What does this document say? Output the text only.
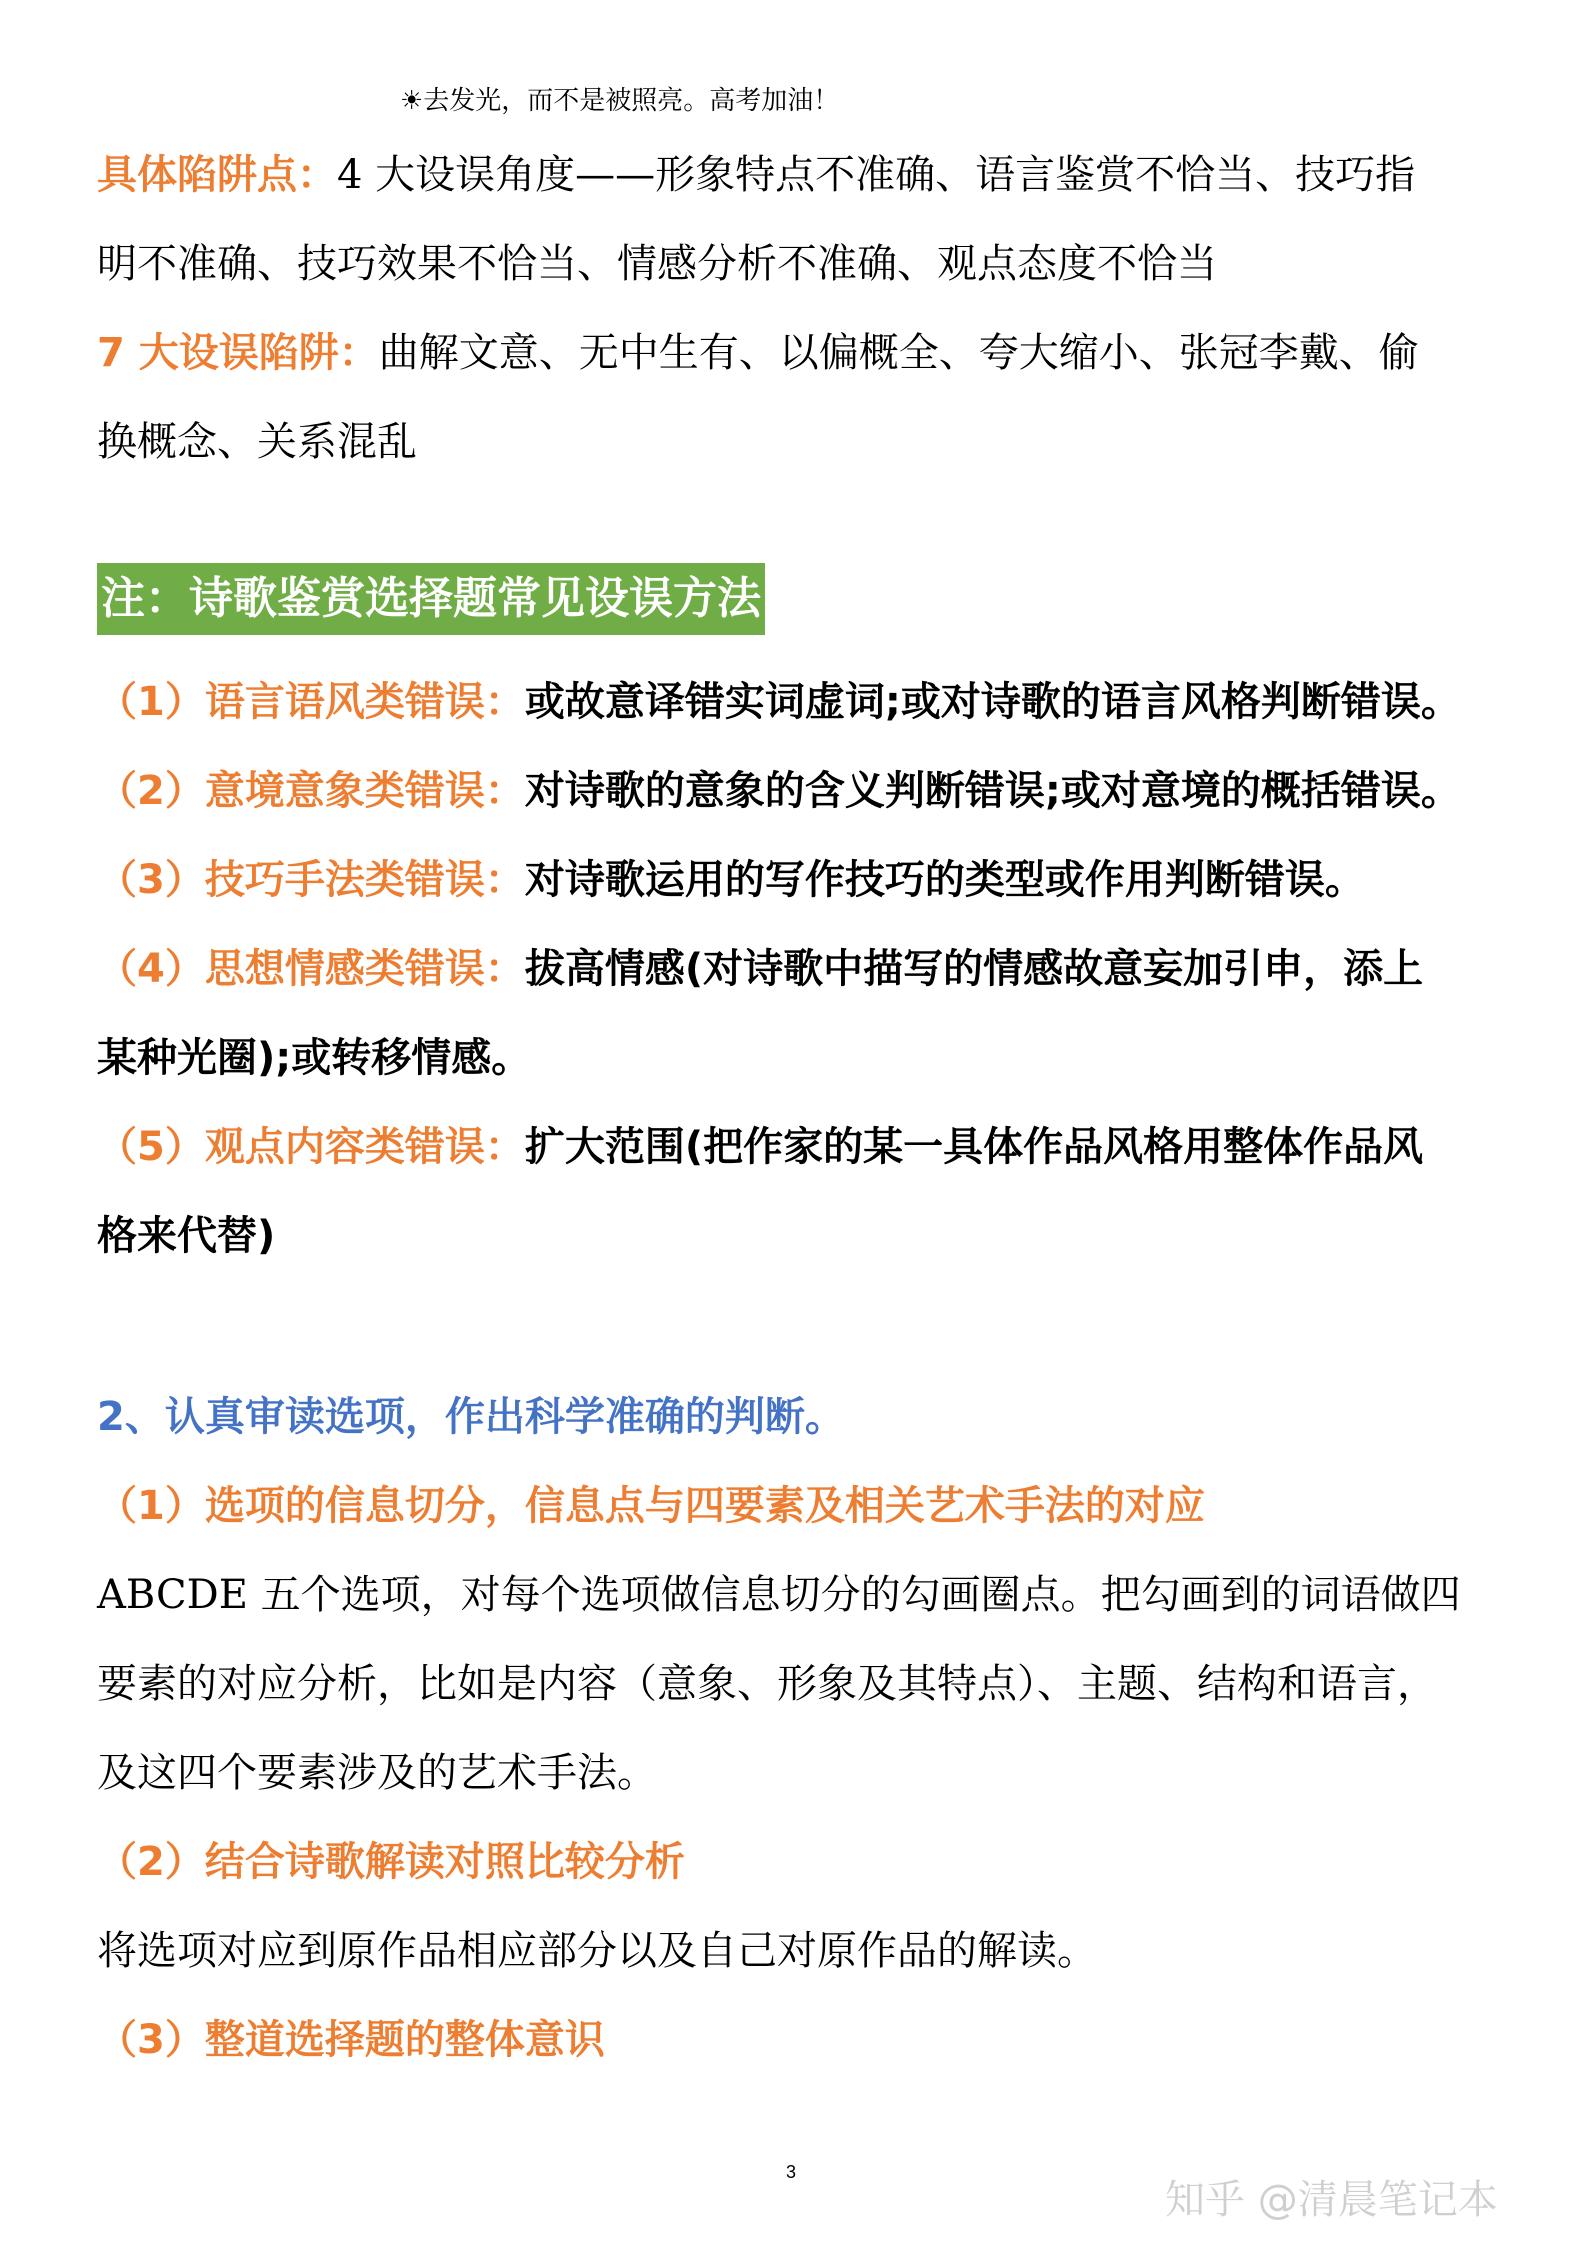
☀去发光，而不是被照亮。高考加油！
具体陷阱点：4 大设误角度——形象特点不准确、语言鉴赏不恰当、技巧指
明不准确、技巧效果不恰当、情感分析不准确、观点态度不恰当
7 大设误陷阱：曲解文意、无中生有、以偏概全、夸大缩小、张冠李戴、偷
换概念、关系混乱
注：诗歌鉴赏选择题常见设误方法
（1）语言语风类错误：或故意译错实词虚词;或对诗歌的语言风格判断错误。
（2）意境意象类错误：对诗歌的意象的含义判断错误;或对意境的概括错误。
（3）技巧手法类错误：对诗歌运用的写作技巧的类型或作用判断错误。
（4）思想情感类错误：拔高情感(对诗歌中描写的情感故意妄加引申，添上
某种光圈);或转移情感。
（5）观点内容类错误：扩大范围(把作家的某一具体作品风格用整体作品风
格来代替)
2、认真审读选项，作出科学准确的判断。
（1）选项的信息切分，信息点与四要素及相关艺术手法的对应
ABCDE 五个选项，对每个选项做信息切分的勾画圈点。把勾画到的词语做四
要素的对应分析，比如是内容（意象、形象及其特点）、主题、结构和语言，
及这四个要素涉及的艺术手法。
（2）结合诗歌解读对照比较分析
将选项对应到原作品相应部分以及自己对原作品的解读。
（3）整道选择题的整体意识
3
知乎 @清晨笔记本
